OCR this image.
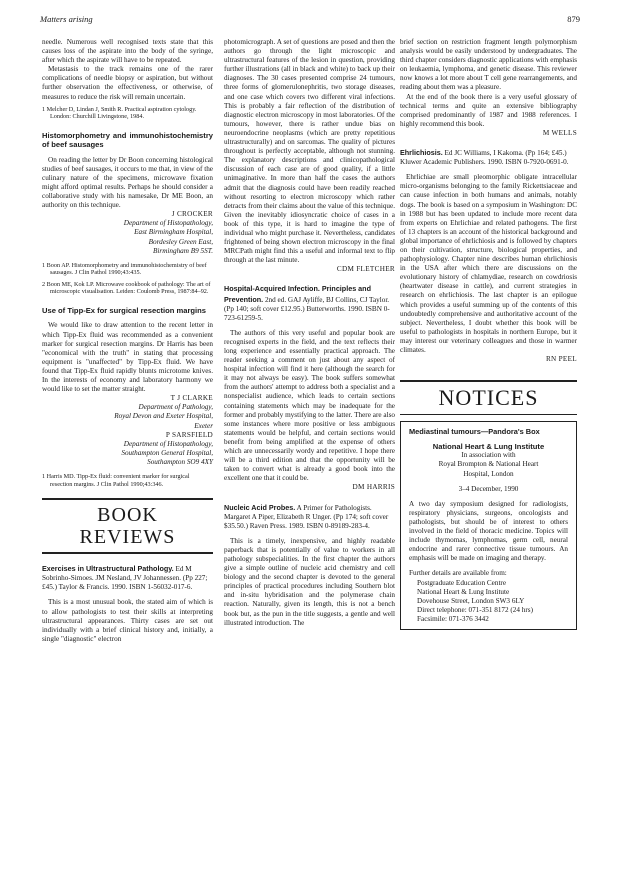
Matters arising	879

needle. Numerous well recognised texts state that this causes loss of the aspirate into the body of the syringe, after which the aspirate will have to be repeated.

Metastasis to the track remains one of the rarer complications of needle biopsy or aspiration, but without further observation the effectiveness, or otherwise, of measures to reduce the risk will remain uncertain.

1 Melcher D, Lindan J, Smith R. Practical aspiration cytology. London: Churchill Livingstone, 1984.
Histomorphometry and immunohistochemistry of beef sausages

On reading the letter by Dr Boon concerning histological studies of beef sausages, it occurs to me that, in view of the culinary nature of the specimens, microwave fixation might afford optimal results. Perhaps he should consider a collaborative study with his namesake, Dr ME Boon, an authority on this technique.

J CROCKER
Department of Histopathology,
East Birmingham Hospital,
Bordesley Green East,
Birmingham B9 5ST.
1 Boon AP. Histomorphometry and immunohistochemistry of beef sausages. J Clin Pathol 1990;43:435.
2 Boon ME, Kok LP. Microwave cookbook of pathology: The art of microscopic visualisation. Leiden: Coulomb Press, 1987:84–92.
Use of Tipp-Ex for surgical resection margins

We would like to draw attention to the recent letter in which Tipp-Ex fluid was recommended as a convenient marker for surgical resection margins. Dr Harris has been "economical with the truth" in stating that processing equipment is "unaffected" by Tipp-Ex fluid. We have found that Tipp-Ex fluid rapidly blunts microtome knives. In the interests of economy and laboratory harmony we would like to set the matter straight.

T J CLARKE
Department of Pathology,
Royal Devon and Exeter Hospital,
Exeter
P SARSFIELD
Department of Histopathology,
Southampton General Hospital,
Southampton SO9 4XY
1 Harris MD. Tipp-Ex fluid: convenient marker for surgical resection margins. J Clin Pathol 1990;43:346.
BOOK
REVIEWS

Exercises in Ultrastructural Pathology. Ed M Sobrinho-Simoes. JM Nesland, JV Johannessen. (Pp 227; £45.) Taylor & Francis. 1990. ISBN 1-56032-017-6.

This is a most unusual book, the stated aim of which is to allow pathologists to test their skills at interpreting ultrastructural appearances. Thirty cases are set out individually with a brief clinical history and, initially, a single "diagnostic" electron

photomicrograph. A set of questions are posed and then the authors go through the light microscopic and ultrastructural features of the lesion in question, providing further illustrations (all in black and white) to back up their diagnoses. The 30 cases presented comprise 24 tumours, three forms of glomerulonephritis, two storage diseases, and one case which covers two different viral infections. This is probably a fair reflection of the distribution of diagnostic electron microscopy in most laboratories. Of the tumours, however, there is rather undue bias on neuroendocrine neoplasms (which are pretty repetitious ultrastructurally) and on sarcomas. The quality of pictures throughout is perfectly acceptable, although not stunning. The explanatory descriptions and clinicopathological discussion of each case are of good quality, if a little unimaginative. In more than half the cases the authors admit that the diagnosis could have been readily reached without resorting to electron microscopy which rather detracts from their claims about the value of this technique. Given the inevitably idiosyncratic choice of cases in a book of this type, it is hard to imagine the type of individual who might purchase it. Nevertheless, candidates frightened of being shown electron microscopy in the final MRCPath might find this a useful and informal text to flip through at the last minute.

CDM FLETCHER

Hospital-Acquired Infection. Principles and Prevention. 2nd ed. GAJ Ayliffe, BJ Collins, CJ Taylor. (Pp 140; soft cover £12.95.) Butterworths. 1990. ISBN 0-723-61259-5.

The authors of this very useful and popular book are recognised experts in the field, and the text reflects their long experience and essentially practical approach. The reader seeking a comment on just about any aspect of hospital infection will find it here (although the search for it may not always be easy). The book suffers somewhat from the authors' attempt to address both a specialist and a nonspecialist audience, which leads to certain sections containing statements which may be inadequate for the former and probably mystifying to the latter. There are also some instances where more positive or less ambiguous statements would be helpful, and certain sections would benefit from being amplified at the expense of others which are unnecessarily wordy and repetitive. I hope there will be a third edition and that the opportunity will be taken to convert what is already a good book into the excellent one that it could be.

DM HARRIS

Nucleic Acid Probes. A Primer for Pathologists. Margaret A Piper, Elizabeth R Unger. (Pp 174; soft cover $35.50.) Raven Press. 1989. ISBN 0-89189-283-4.

This is a timely, inexpensive, and highly readable paperback that is potentially of value to workers in all pathology subspecialities. In the first chapter the authors give a simple outline of nucleic acid chemistry and cell biology and the second chapter is devoted to the general principles of practical procedures including Southern blot and in-situ hybridisation and the polymerase chain reaction. Naturally, given its length, this is not a bench book but, as the pun in the title suggests, a gentle and well illustrated introduction. The

brief section on restriction fragment length polymorphism analysis would be easily understood by undergraduates. The third chapter considers diagnostic applications with emphasis on leukaemia, lymphoma, and genetic disease. This reviewer now knows a lot more about T cell gene rearrangements, and reading about them was a pleasure.

At the end of the book there is a very useful glossary of technical terms and quite an extensive bibliography comprised predominantly of 1987 and 1988 references. I highly recommend this book.

M WELLS

Ehrlichiosis. Ed JC Williams, I Kakoma. (Pp 164; £45.) Kluwer Academic Publishers. 1990. ISBN 0-7920-0691-0.

Ehrlichiae are small pleomorphic obligate intracellular micro-organisms belonging to the family Rickettsiaceae and can cause infection in both humans and animals, notably dogs. The book is based on a symposium in Washington: DC in 1988 but has been updated to include more recent data from experts on Ehrlichiae and related pathogens. The first of 13 chapters is an account of the historical background and global importance of ehrlichiosis and is followed by chapters on their cultivation, structure, biological properties, and pathophysiology. Chapter nine describes human ehrlichiosis in the USA after which there are discussions on the evolutionary history of chlamydiae, research on cowdriosis (heartwater disease in cattle), and current strategies in research on ehrlichiosis. The last chapter is an epilogue which provides a useful summing up of the contents of this undoubtedly comprehensive and authoritative account of the subject. Nevertheless, I doubt whether this book will be useful to pathologists in hospitals in northern Europe, but it may interest our veterinary colleagues and those in warmer climates.

RN PEEL
NOTICES
Mediastinal tumours—Pandora's Box
National Heart & Lung Institute
In association with
Royal Brompton & National Heart
Hospital, London
3–4 December, 1990

A two day symposium designed for radiologists, respiratory physicians, surgeons, oncologists and pathologists, but should be of interest to others involved in the field of thoracic medicine. Topics will include thymomas, lymphomas, germ cell, neural endocrine and rarer connective tissue tumours. An emphasis will be made on imaging and therapy.

Further details are available from:

Postgraduate Education Centre
National Heart & Lung Institute
Dovehouse Street, London SW3 6LY
Direct telephone: 071-351 8172 (24 hrs)
Facsimile: 071-376 3442
